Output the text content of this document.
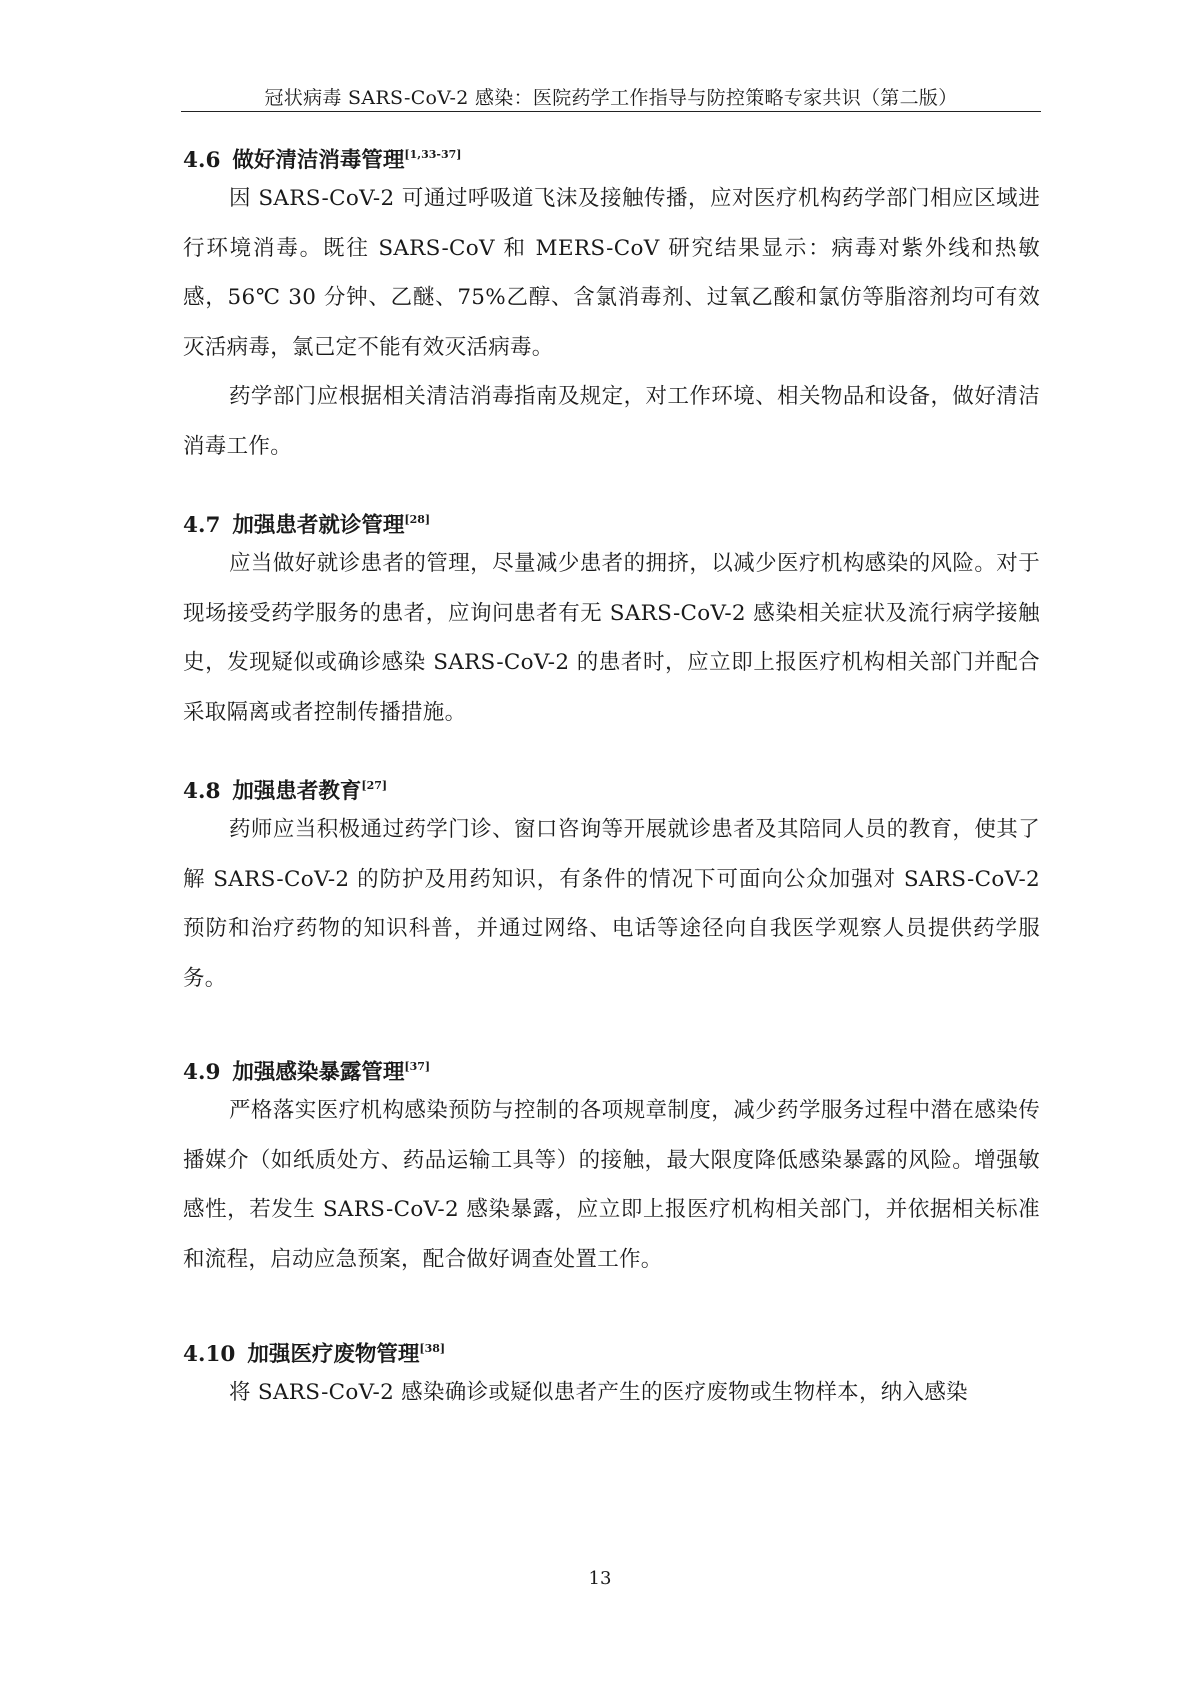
冠状病毒 SARS-CoV-2 感染：医院药学工作指导与防控策略专家共识（第二版）
4.6 做好清洁消毒管理[1,33-37]

因 SARS-CoV-2 可通过呼吸道飞沫及接触传播，应对医疗机构药学部门相应区域进行环境消毒。既往 SARS-CoV 和 MERS-CoV 研究结果显示：病毒对紫外线和热敏感，56℃ 30 分钟、乙醚、75%乙醇、含氯消毒剂、过氧乙酸和氯仿等脂溶剂均可有效灭活病毒，氯己定不能有效灭活病毒。

药学部门应根据相关清洁消毒指南及规定，对工作环境、相关物品和设备，做好清洁消毒工作。

4.7 加强患者就诊管理[28]

应当做好就诊患者的管理，尽量减少患者的拥挤，以减少医疗机构感染的风险。对于现场接受药学服务的患者，应询问患者有无 SARS-CoV-2 感染相关症状及流行病学接触史，发现疑似或确诊感染 SARS-CoV-2 的患者时，应立即上报医疗机构相关部门并配合采取隔离或者控制传播措施。

4.8 加强患者教育[27]

药师应当积极通过药学门诊、窗口咨询等开展就诊患者及其陪同人员的教育，使其了解 SARS-CoV-2 的防护及用药知识，有条件的情况下可面向公众加强对 SARS-CoV-2 预防和治疗药物的知识科普，并通过网络、电话等途径向自我医学观察人员提供药学服务。

4.9 加强感染暴露管理[37]

严格落实医疗机构感染预防与控制的各项规章制度，减少药学服务过程中潜在感染传播媒介（如纸质处方、药品运输工具等）的接触，最大限度降低感染暴露的风险。增强敏感性，若发生 SARS-CoV-2 感染暴露，应立即上报医疗机构相关部门，并依据相关标准和流程，启动应急预案，配合做好调查处置工作。

4.10 加强医疗废物管理[38]

将 SARS-CoV-2 感染确诊或疑似患者产生的医疗废物或生物样本，纳入感染

13
